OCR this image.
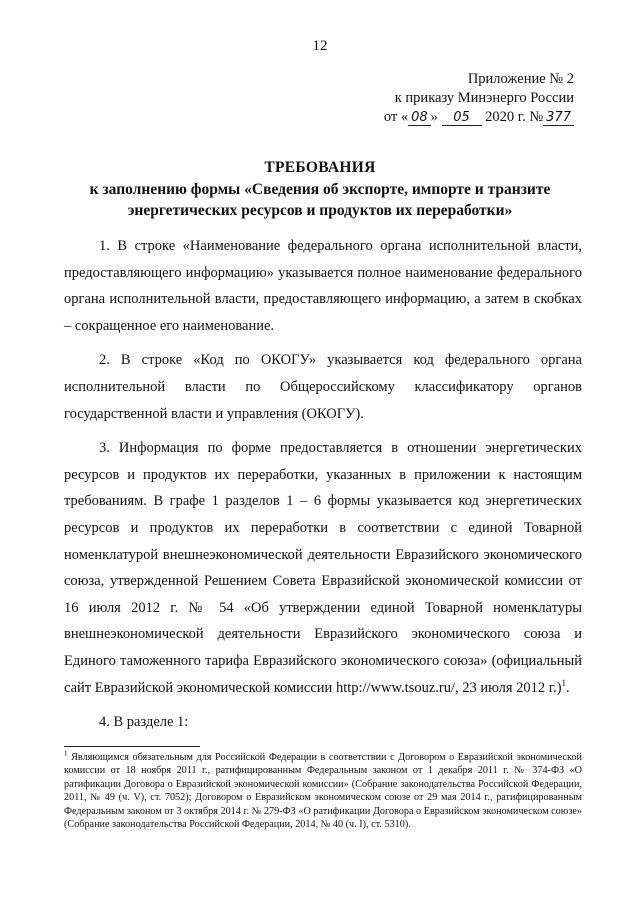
12
Приложение № 2
к приказу Минэнерго России
от « 08 » 05 2020 г. № 377
ТРЕБОВАНИЯ
к заполнению формы «Сведения об экспорте, импорте и транзите
энергетических ресурсов и продуктов их переработки»

1. В строке «Наименование федерального органа исполнительной власти, предоставляющего информацию» указывается полное наименование федерального органа исполнительной власти, предоставляющего информацию, а затем в скобках – сокращенное его наименование.

2. В строке «Код по ОКОГУ» указывается код федерального органа исполнительной власти по Общероссийскому классификатору органов государственной власти и управления (ОКОГУ).

3. Информация по форме предоставляется в отношении энергетических ресурсов и продуктов их переработки, указанных в приложении к настоящим требованиям. В графе 1 разделов 1 – 6 формы указывается код энергетических ресурсов и продуктов их переработки в соответствии с единой Товарной номенклатурой внешнеэкономической деятельности Евразийского экономического союза, утвержденной Решением Совета Евразийской экономической комиссии от 16 июля 2012 г. № 54 «Об утверждении единой Товарной номенклатуры внешнеэкономической деятельности Евразийского экономического союза и Единого таможенного тарифа Евразийского экономического союза» (официальный сайт Евразийской экономической комиссии http://www.tsouz.ru/, 23 июля 2012 г.)$^1$.

4. В разделе 1:

$^1$ Являющимся обязательным для Российской Федерации в соответствии с Договором о Евразийской экономической комиссии от 18 ноября 2011 г., ратифицированным Федеральным законом от 1 декабря 2011 г. № 374-ФЗ «О ратификации Договора о Евразийской экономической комиссии» (Собрание законодательства Российской Федерации, 2011, № 49 (ч. V), ст. 7052); Договором о Евразийском экономическом союзе от 29 мая 2014 г., ратифицированным Федеральным законом от 3 октября 2014 г. № 279-ФЗ «О ратификации Договора о Евразийском экономическом союзе» (Собрание законодательства Российской Федерации, 2014, № 40 (ч. I), ст. 5310).
